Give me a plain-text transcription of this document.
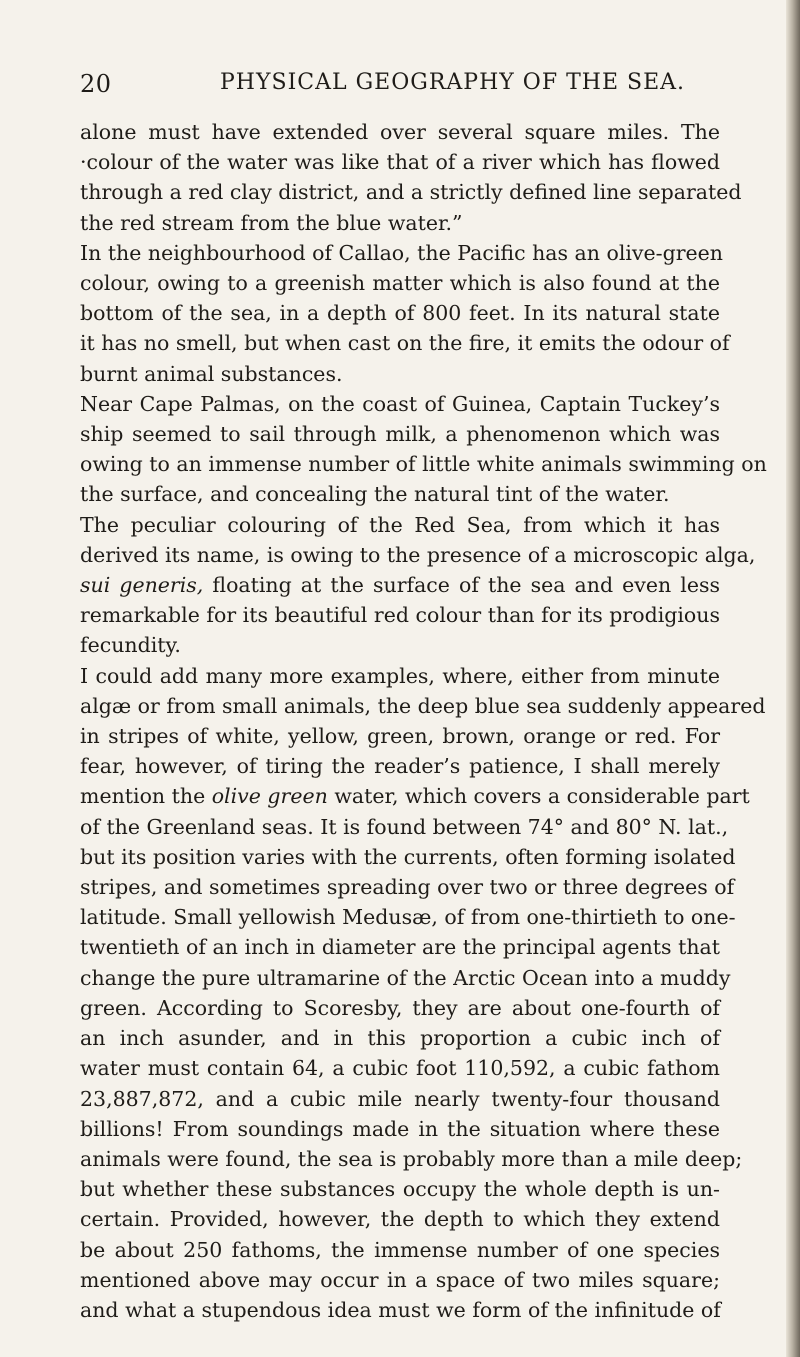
20	PHYSICAL GEOGRAPHY OF THE SEA.
alone must have extended over several square miles. The
·colour of the water was like that of a river which has flowed
through a red clay district, and a strictly defined line separated
the red stream from the blue water.”
In the neighbourhood of Callao, the Pacific has an olive-green
colour, owing to a greenish matter which is also found at the
bottom of the sea, in a depth of 800 feet. In its natural state
it has no smell, but when cast on the fire, it emits the odour of
burnt animal substances.
Near Cape Palmas, on the coast of Guinea, Captain Tuckey’s
ship seemed to sail through milk, a phenomenon which was
owing to an immense number of little white animals swimming on
the surface, and concealing the natural tint of the water.
The peculiar colouring of the Red Sea, from which it has
derived its name, is owing to the presence of a microscopic alga,
sui generis, floating at the surface of the sea and even less
remarkable for its beautiful red colour than for its prodigious
fecundity.
I could add many more examples, where, either from minute
algæ or from small animals, the deep blue sea suddenly appeared
in stripes of white, yellow, green, brown, orange or red. For
fear, however, of tiring the reader’s patience, I shall merely
mention the olive green water, which covers a considerable part
of the Greenland seas. It is found between 74° and 80° N. lat.,
but its position varies with the currents, often forming isolated
stripes, and sometimes spreading over two or three degrees of
latitude. Small yellowish Medusæ, of from one-thirtieth to one-
twentieth of an inch in diameter are the principal agents that
change the pure ultramarine of the Arctic Ocean into a muddy
green. According to Scoresby, they are about one-fourth of
an inch asunder, and in this proportion a cubic inch of
water must contain 64, a cubic foot 110,592, a cubic fathom
23,887,872, and a cubic mile nearly twenty-four thousand
billions! From soundings made in the situation where these
animals were found, the sea is probably more than a mile deep;
but whether these substances occupy the whole depth is un-
certain. Provided, however, the depth to which they extend
be about 250 fathoms, the immense number of one species
mentioned above may occur in a space of two miles square;
and what a stupendous idea must we form of the infinitude of
